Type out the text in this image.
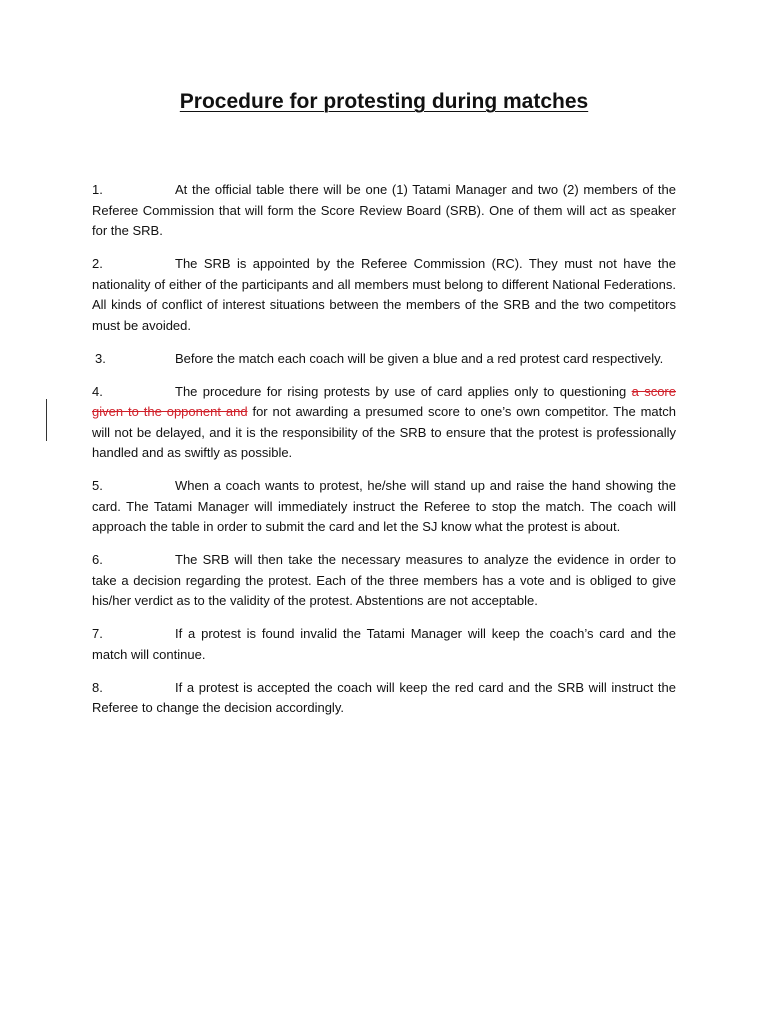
Procedure for protesting during matches

1.	At the official table there will be one (1) Tatami Manager and two (2) members of the Referee Commission that will form the Score Review Board (SRB). One of them will act as speaker for the SRB.

2.	The SRB is appointed by the Referee Commission (RC). They must not have the nationality of either of the participants and all members must belong to different National Federations. All kinds of conflict of interest situations between the members of the SRB and the two competitors must be avoided.

3.	Before the match each coach will be given a blue and a red protest card respectively.

4.	The procedure for rising protests by use of card applies only to questioning a score given to the opponent and for not awarding a presumed score to one’s own competitor. The match will not be delayed, and it is the responsibility of the SRB to ensure that the protest is professionally handled and as swiftly as possible.

5.	When a coach wants to protest, he/she will stand up and raise the hand showing the card. The Tatami Manager will immediately instruct the Referee to stop the match. The coach will approach the table in order to submit the card and let the SJ know what the protest is about.

6.	The SRB will then take the necessary measures to analyze the evidence in order to take a decision regarding the protest. Each of the three members has a vote and is obliged to give his/her verdict as to the validity of the protest. Abstentions are not acceptable.

7.	If a protest is found invalid the Tatami Manager will keep the coach’s card and the match will continue.

8.	If a protest is accepted the coach will keep the red card and the SRB will instruct the Referee to change the decision accordingly.
